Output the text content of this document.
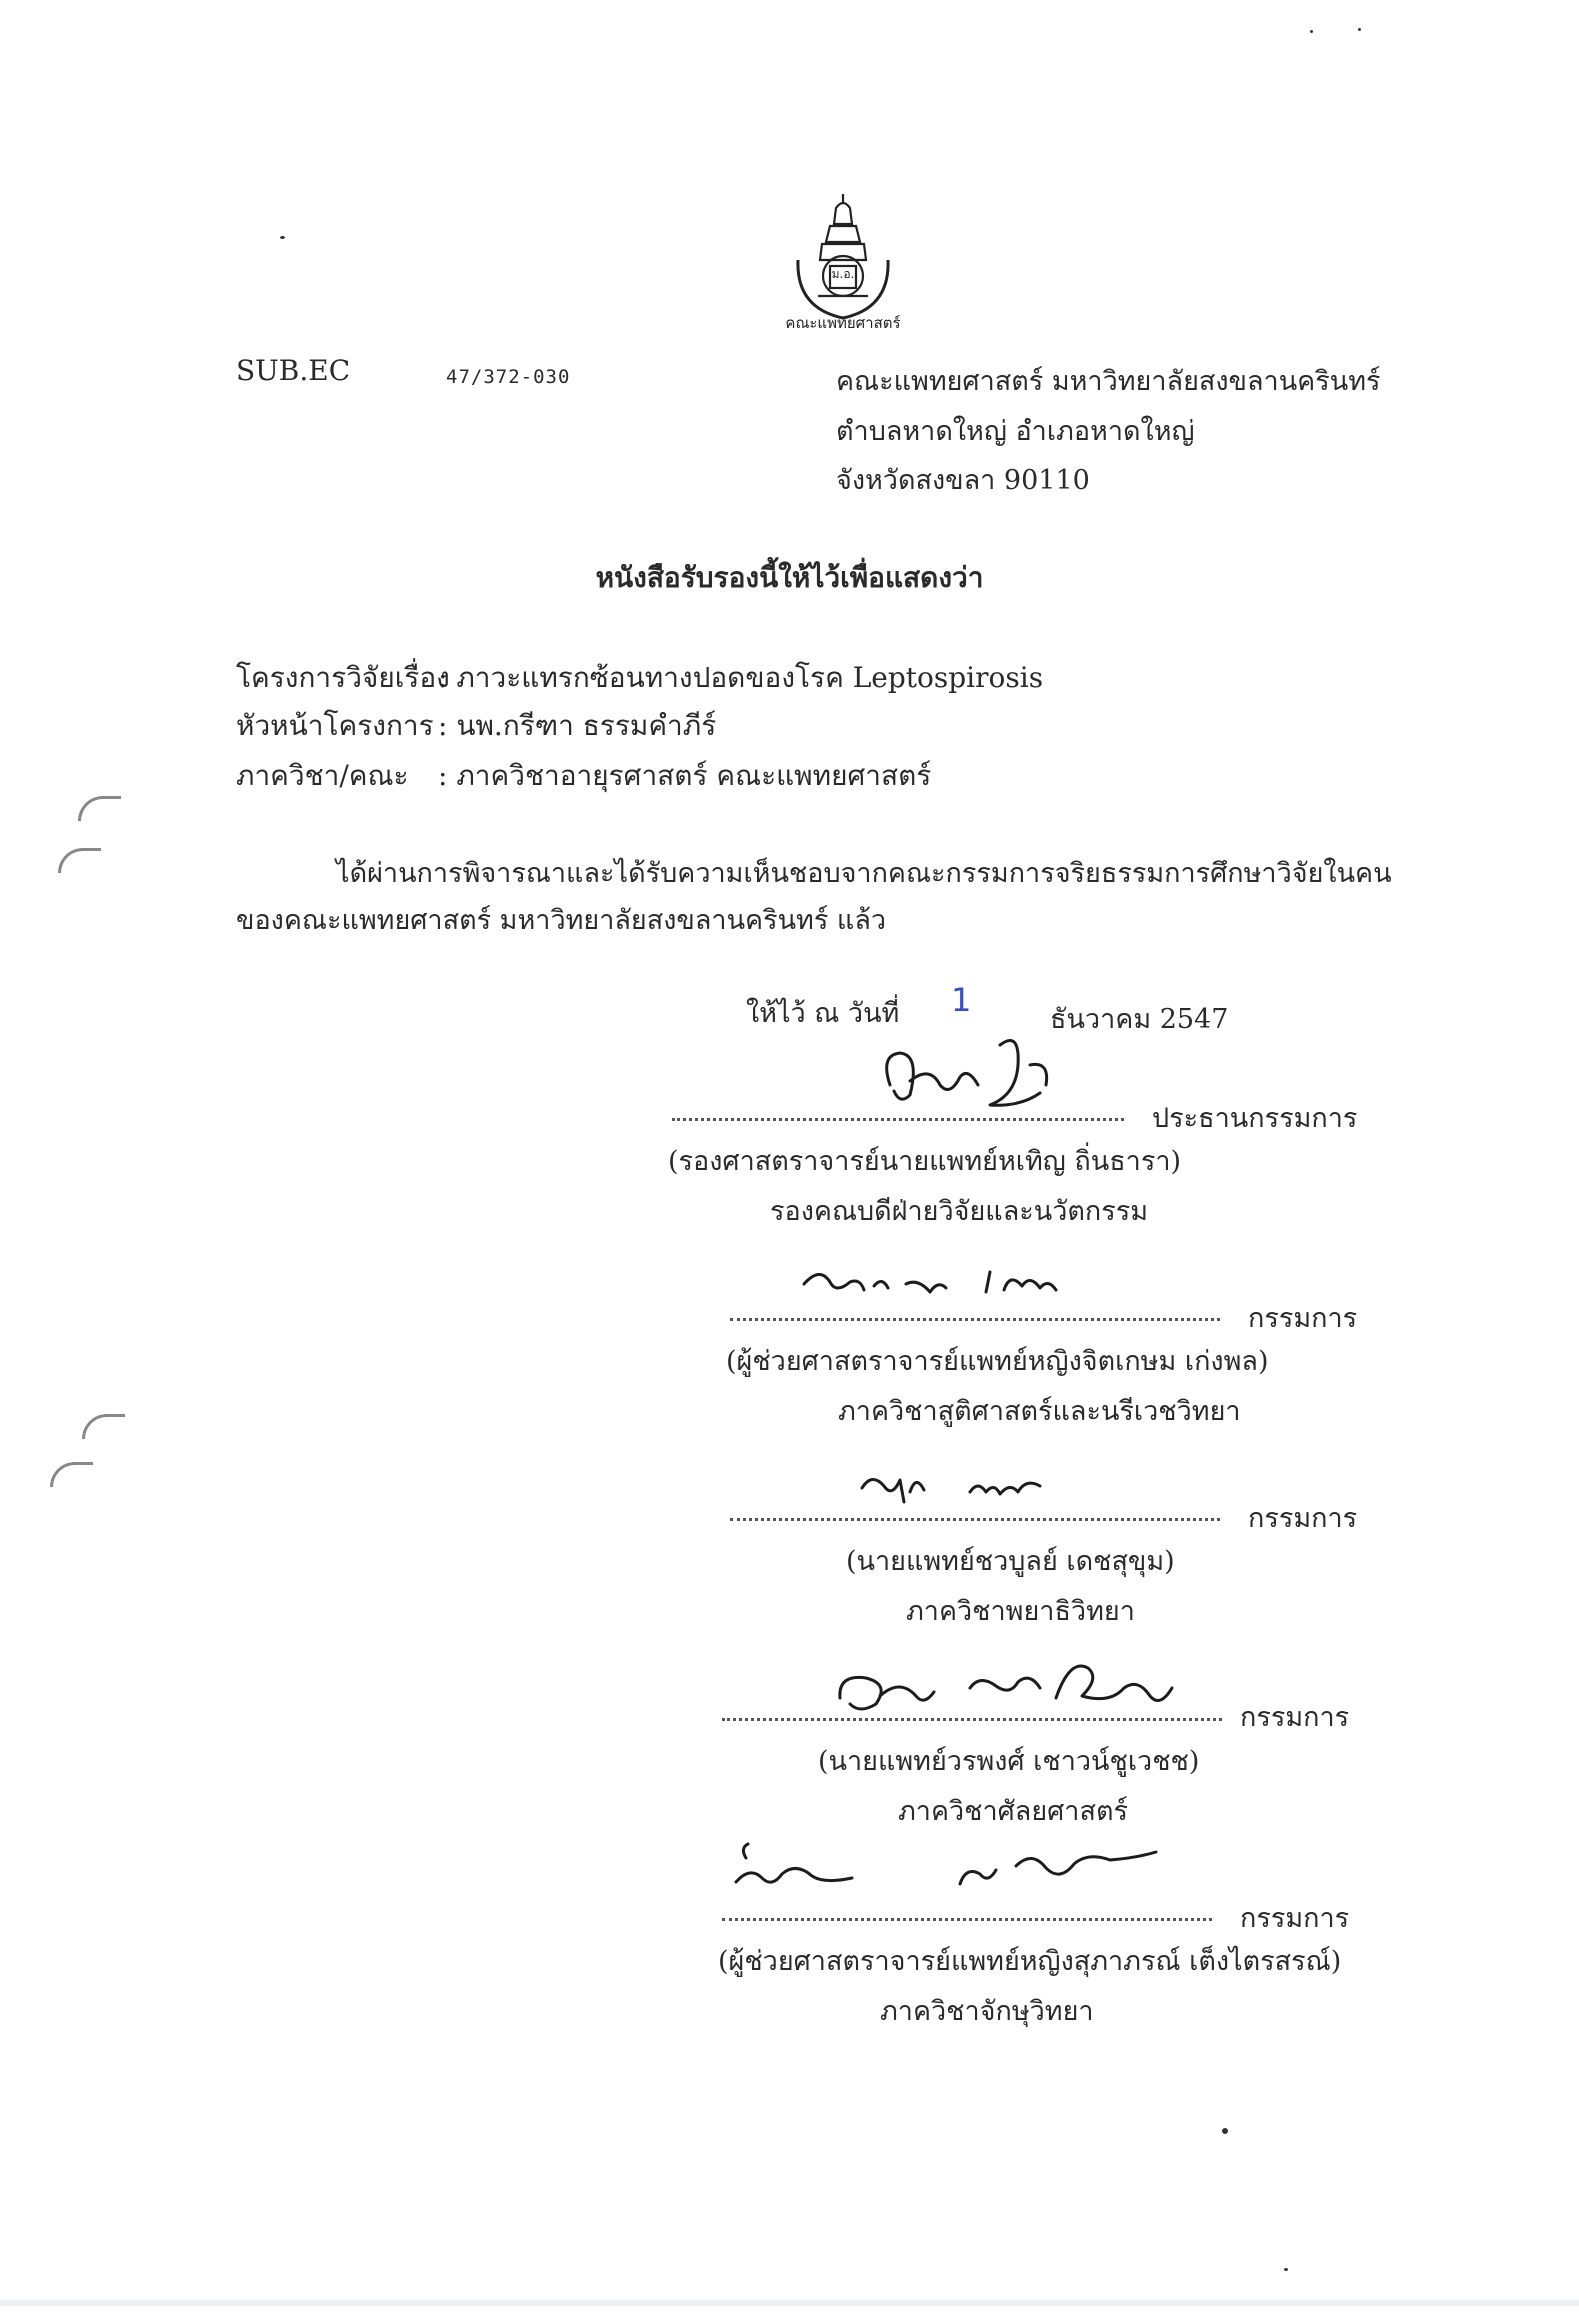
ม.อ.
คณะแพทยศาสตร์
SUB.EC	47/372-030	คณะแพทยศาสตร์ มหาวิทยาลัยสงขลานครินทร์
ตำบลหาดใหญ่ อำเภอหาดใหญ่
จังหวัดสงขลา 90110
หนังสือรับรองนี้ให้ไว้เพื่อแสดงว่า
โครงการวิจัยเรื่อง
: ภาวะแทรกซ้อนทางปอดของโรค Leptospirosis
หัวหน้าโครงการ : นพ.กรีฑา ธรรมคำภีร์
ภาควิชา/คณะ : ภาควิชาอายุรศาสตร์ คณะแพทยศาสตร์
ได้ผ่านการพิจารณาและได้รับความเห็นชอบจากคณะกรรมการจริยธรรมการศึกษาวิจัยในคน
ของคณะแพทยศาสตร์ มหาวิทยาลัยสงขลานครินทร์ แล้ว
ให้ไว้ ณ วันที่ 1
ธันวาคม 2547
ประธานกรรมการ
(รองศาสตราจารย์นายแพทย์หเทิญ ถิ่นธารา)
รองคณบดีฝ่ายวิจัยและนวัตกรรม
กรรมการ
(ผู้ช่วยศาสตราจารย์แพทย์หญิงจิตเกษม เก่งพล)
ภาควิชาสูติศาสตร์และนรีเวชวิทยา
กรรมการ
(นายแพทย์ชวบูลย์ เดชสุขุม)
ภาควิชาพยาธิวิทยา
กรรมการ
(นายแพทย์วรพงศ์ เชาวน์ชูเวชช)
ภาควิชาศัลยศาสตร์
กรรมการ
(ผู้ช่วยศาสตราจารย์แพทย์หญิงสุภาภรณ์ เต็งไตรสรณ์)
ภาควิชาจักษุวิทยา
